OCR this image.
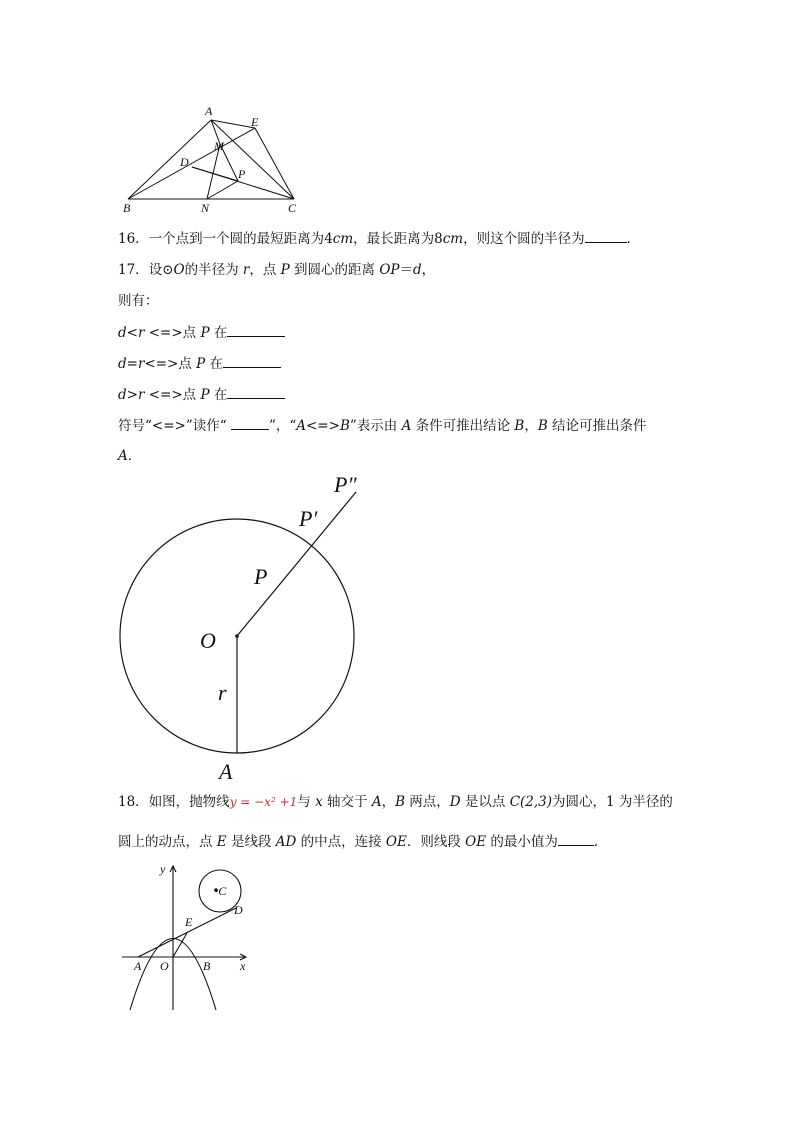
A
E
M
D
P
B	N	C
16．一个点到一个圆的最短距离为4cm，最长距离为8cm，则这个圆的半径为	．
17．设⊙O的半径为 r，点 P 到圆心的距离 OP＝d，
则有：
d<r <=>点 P 在
d=r<=>点 P 在
d>r <=>点 P 在
符号“<=>”读作“	”，“A<=>B”表示由 A 条件可推出结论 B，B 结论可推出条件
A．
P″
P′
P
O
r
A
18．如图，抛物线y = −x² +1与 x 轴交于 A，B 两点，D 是以点 C(2,3)为圆心，1 为半径的
圆上的动点，点 E 是线段 AD 的中点，连接 OE．则线段 OE 的最小值为	．
y
•C
D
E
A O	B x
